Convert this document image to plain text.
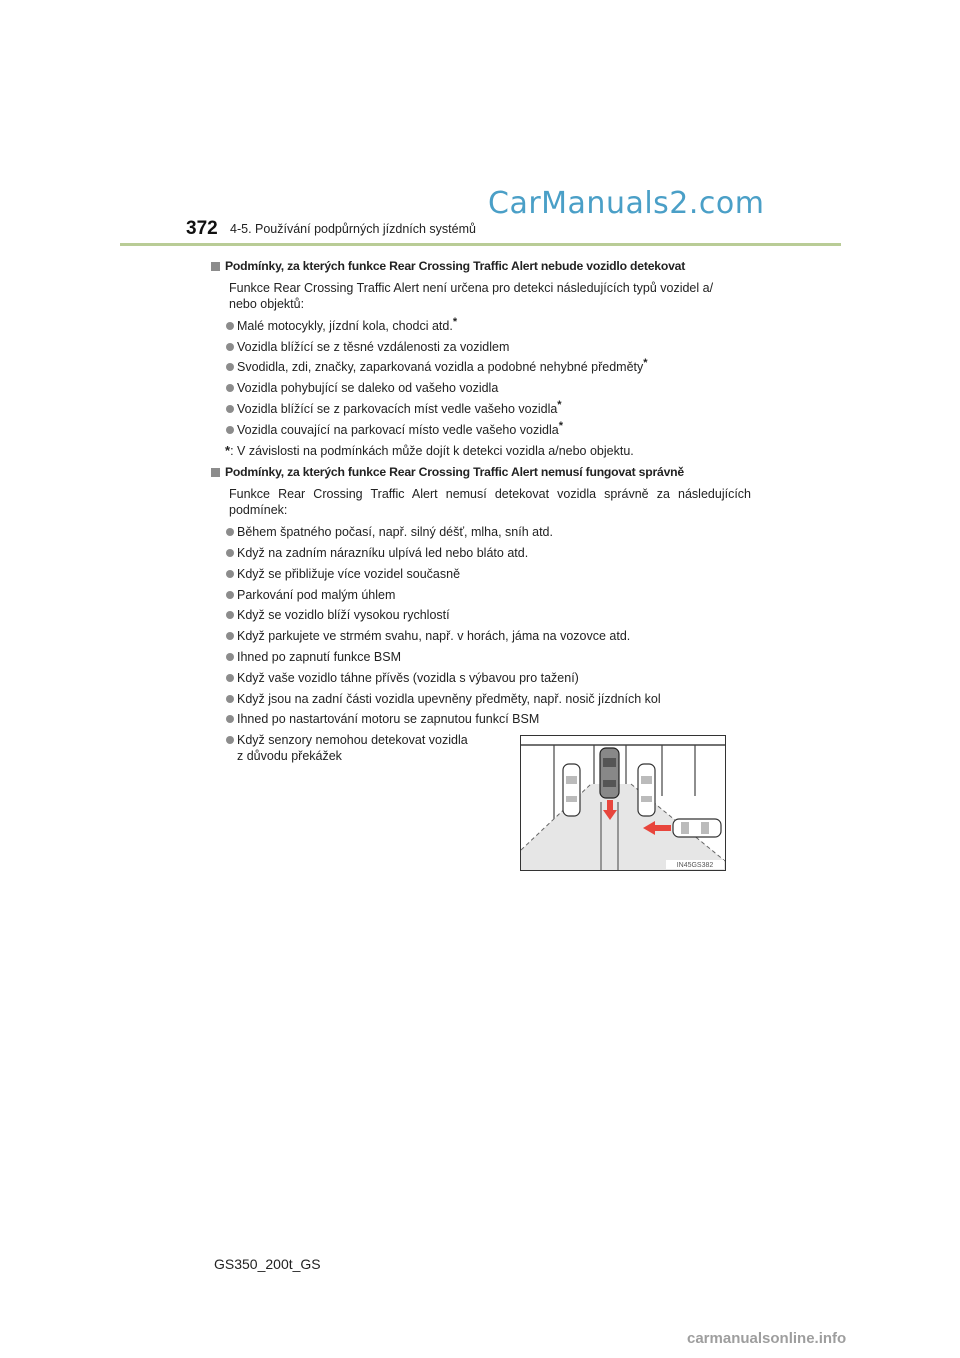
CarManuals2.com
372 4-5. Používání podpůrných jízdních systémů
Podmínky, za kterých funkce Rear Crossing Traffic Alert nebude vozidlo detekovat
Funkce Rear Crossing Traffic Alert není určena pro detekci následujících typů vozidel a/
nebo objektů:
Malé motocykly, jízdní kola, chodci atd.*
Vozidla blížící se z těsné vzdálenosti za vozidlem
Svodidla, zdi, značky, zaparkovaná vozidla a podobné nehybné předměty*
Vozidla pohybující se daleko od vašeho vozidla
Vozidla blížící se z parkovacích míst vedle vašeho vozidla*
Vozidla couvající na parkovací místo vedle vašeho vozidla*
*: V závislosti na podmínkách může dojít k detekci vozidla a/nebo objektu.
Podmínky, za kterých funkce Rear Crossing Traffic Alert nemusí fungovat správně
Funkce Rear Crossing Traffic Alert nemusí detekovat vozidla správně za následujících
podmínek:
Během špatného počasí, např. silný déšť, mlha, sníh atd.
Když na zadním nárazníku ulpívá led nebo bláto atd.
Když se přibližuje více vozidel současně
Parkování pod malým úhlem
Když se vozidlo blíží vysokou rychlostí
Když parkujete ve strmém svahu, např. v horách, jáma na vozovce atd.
Ihned po zapnutí funkce BSM
Když vaše vozidlo táhne přívěs (vozidla s výbavou pro tažení)
Když jsou na zadní části vozidla upevněny předměty, např. nosič jízdních kol
Ihned po nastartování motoru se zapnutou funkcí BSM
Když senzory nemohou detekovat vozidla
z důvodu překážek
IN45GS382
GS350_200t_GS
carmanualsonline.info
